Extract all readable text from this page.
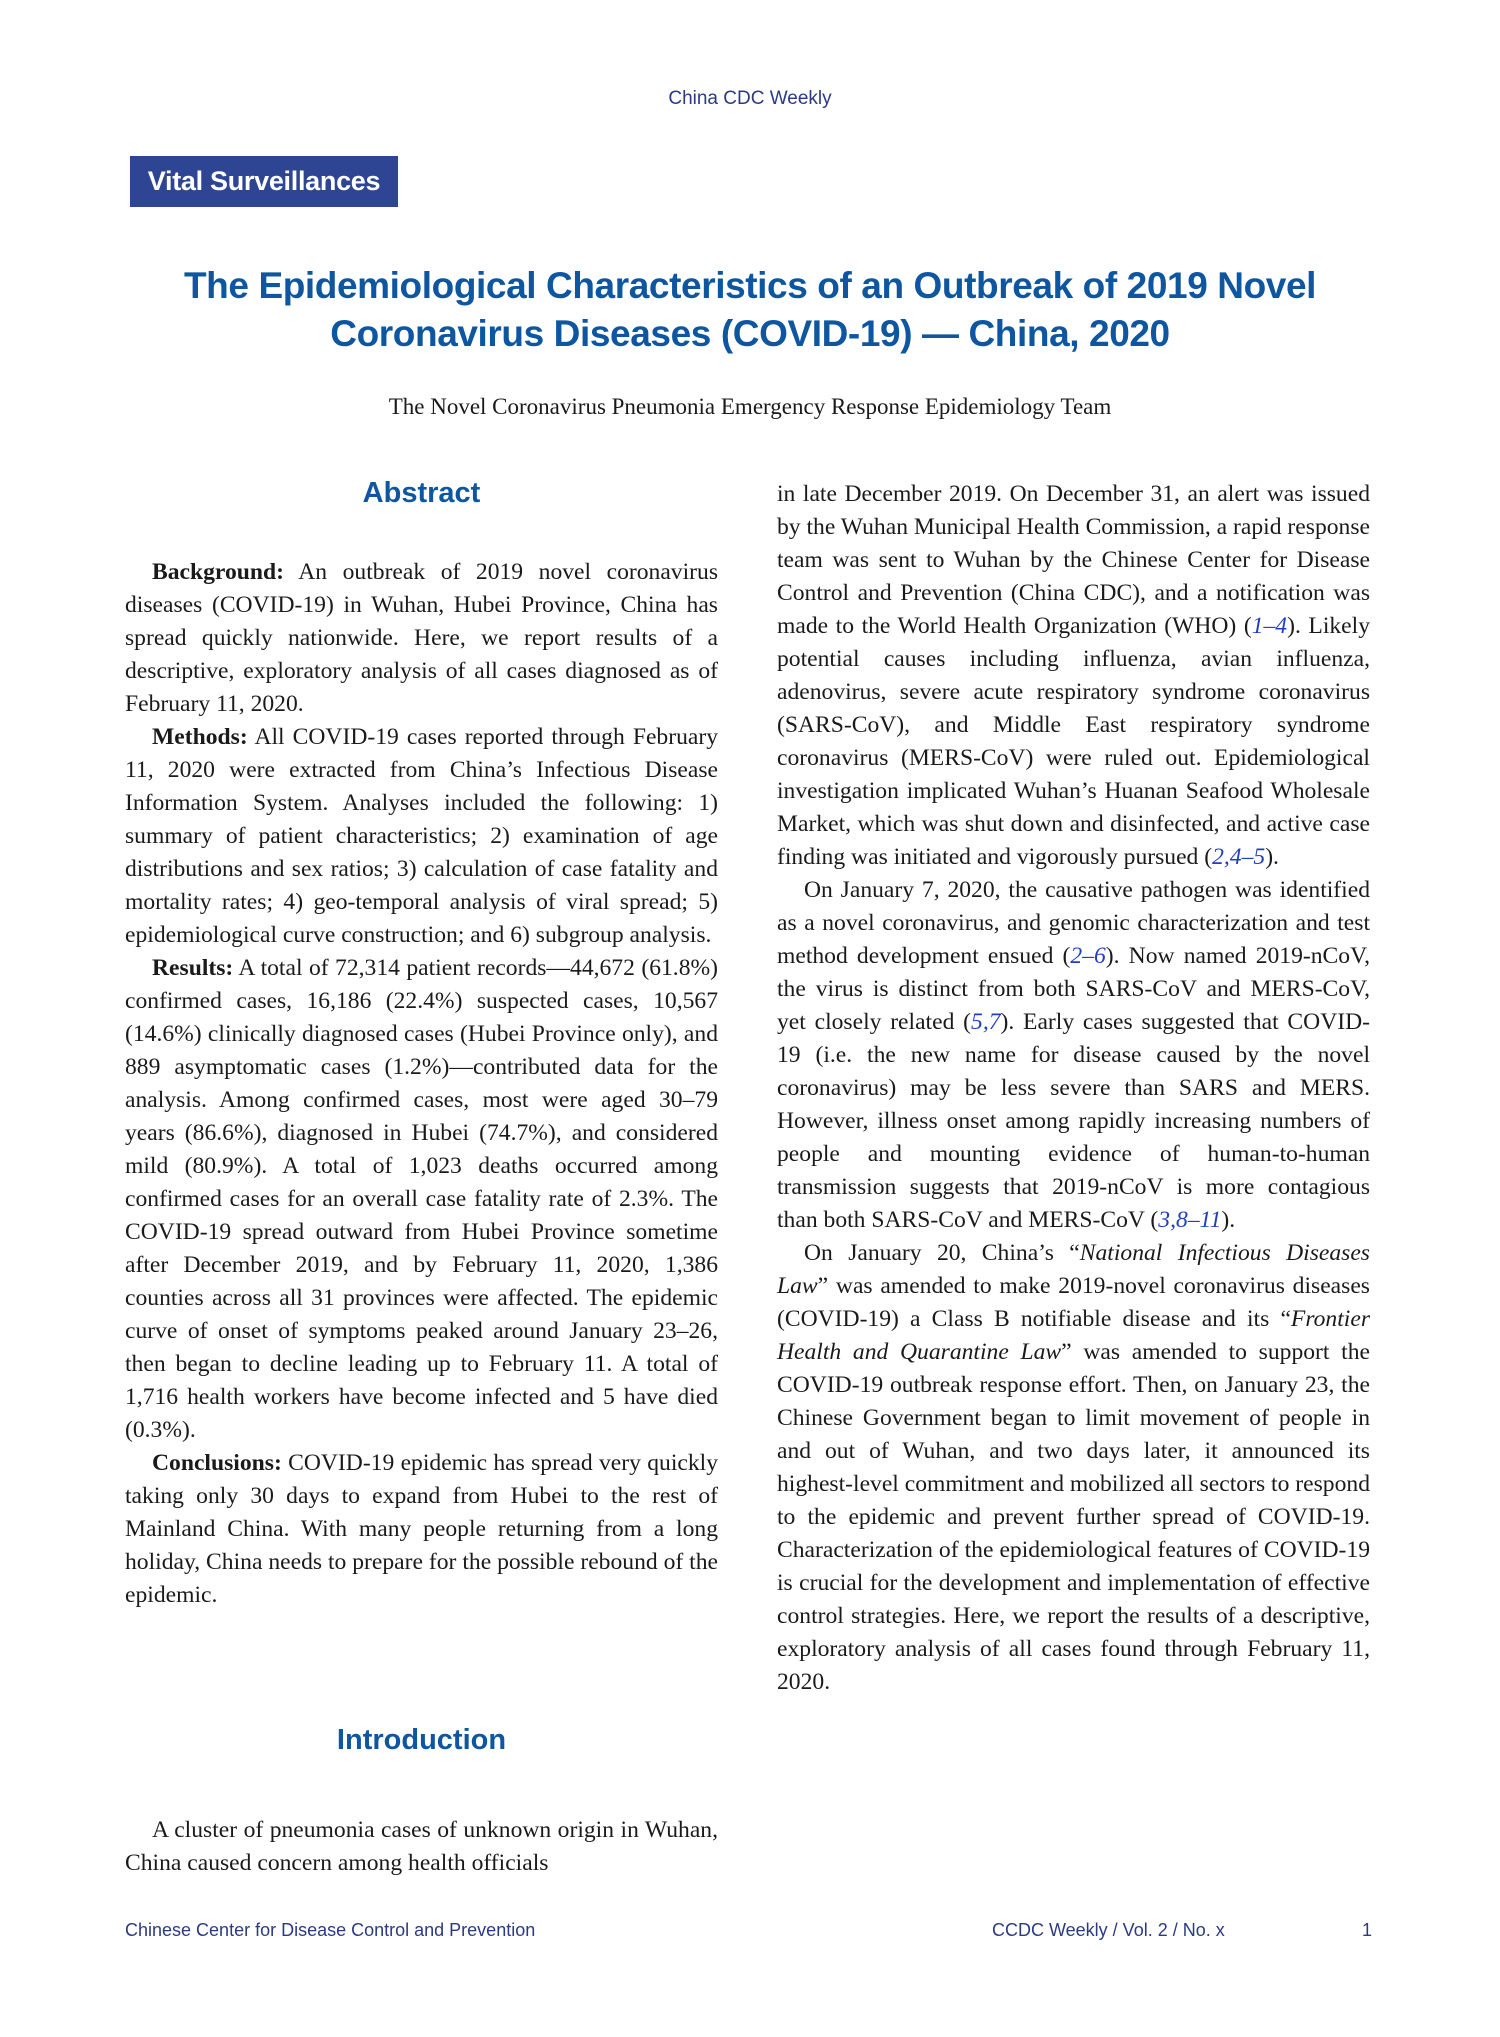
China CDC Weekly
Vital Surveillances
The Epidemiological Characteristics of an Outbreak of 2019 Novel
Coronavirus Diseases (COVID-19) — China, 2020
The Novel Coronavirus Pneumonia Emergency Response Epidemiology Team
Abstract

Background: An outbreak of 2019 novel coronavirus diseases (COVID-19) in Wuhan, Hubei Province, China has spread quickly nationwide. Here, we report results of a descriptive, exploratory analysis of all cases diagnosed as of February 11, 2020.

Methods: All COVID-19 cases reported through February 11, 2020 were extracted from China’s Infectious Disease Information System. Analyses included the following: 1) summary of patient characteristics; 2) examination of age distributions and sex ratios; 3) calculation of case fatality and mortality rates; 4) geo-temporal analysis of viral spread; 5) epidemiological curve construction; and 6) subgroup analysis.

Results: A total of 72,314 patient records—44,672 (61.8%) confirmed cases, 16,186 (22.4%) suspected cases, 10,567 (14.6%) clinically diagnosed cases (Hubei Province only), and 889 asymptomatic cases (1.2%)—contributed data for the analysis. Among confirmed cases, most were aged 30–79 years (86.6%), diagnosed in Hubei (74.7%), and considered mild (80.9%). A total of 1,023 deaths occurred among confirmed cases for an overall case fatality rate of 2.3%. The COVID-19 spread outward from Hubei Province sometime after December 2019, and by February 11, 2020, 1,386 counties across all 31 provinces were affected. The epidemic curve of onset of symptoms peaked around January 23–26, then began to decline leading up to February 11. A total of 1,716 health workers have become infected and 5 have died (0.3%).

Conclusions: COVID-19 epidemic has spread very quickly taking only 30 days to expand from Hubei to the rest of Mainland China. With many people returning from a long holiday, China needs to prepare for the possible rebound of the epidemic.

Introduction

A cluster of pneumonia cases of unknown origin in Wuhan, China caused concern among health officials

in late December 2019. On December 31, an alert was issued by the Wuhan Municipal Health Commission, a rapid response team was sent to Wuhan by the Chinese Center for Disease Control and Prevention (China CDC), and a notification was made to the World Health Organization (WHO) (1–4). Likely potential causes including influenza, avian influenza, adenovirus, severe acute respiratory syndrome coronavirus (SARS-CoV), and Middle East respiratory syndrome coronavirus (MERS-CoV) were ruled out. Epidemiological investigation implicated Wuhan’s Huanan Seafood Wholesale Market, which was shut down and disinfected, and active case finding was initiated and vigorously pursued (2,4–5).

On January 7, 2020, the causative pathogen was identified as a novel coronavirus, and genomic characterization and test method development ensued (2–6). Now named 2019-nCoV, the virus is distinct from both SARS-CoV and MERS-CoV, yet closely related (5,7). Early cases suggested that COVID-19 (i.e. the new name for disease caused by the novel coronavirus) may be less severe than SARS and MERS. However, illness onset among rapidly increasing numbers of people and mounting evidence of human-to-human transmission suggests that 2019-nCoV is more contagious than both SARS-CoV and MERS-CoV (3,8–11).

On January 20, China’s “National Infectious Diseases Law” was amended to make 2019-novel coronavirus diseases (COVID-19) a Class B notifiable disease and its “Frontier Health and Quarantine Law” was amended to support the COVID-19 outbreak response effort. Then, on January 23, the Chinese Government began to limit movement of people in and out of Wuhan, and two days later, it announced its highest-level commitment and mobilized all sectors to respond to the epidemic and prevent further spread of COVID-19. Characterization of the epidemiological features of COVID-19 is crucial for the development and implementation of effective control strategies. Here, we report the results of a descriptive, exploratory analysis of all cases found through February 11, 2020.

Chinese Center for Disease Control and Prevention	CCDC Weekly / Vol. 2 / No. x	1
